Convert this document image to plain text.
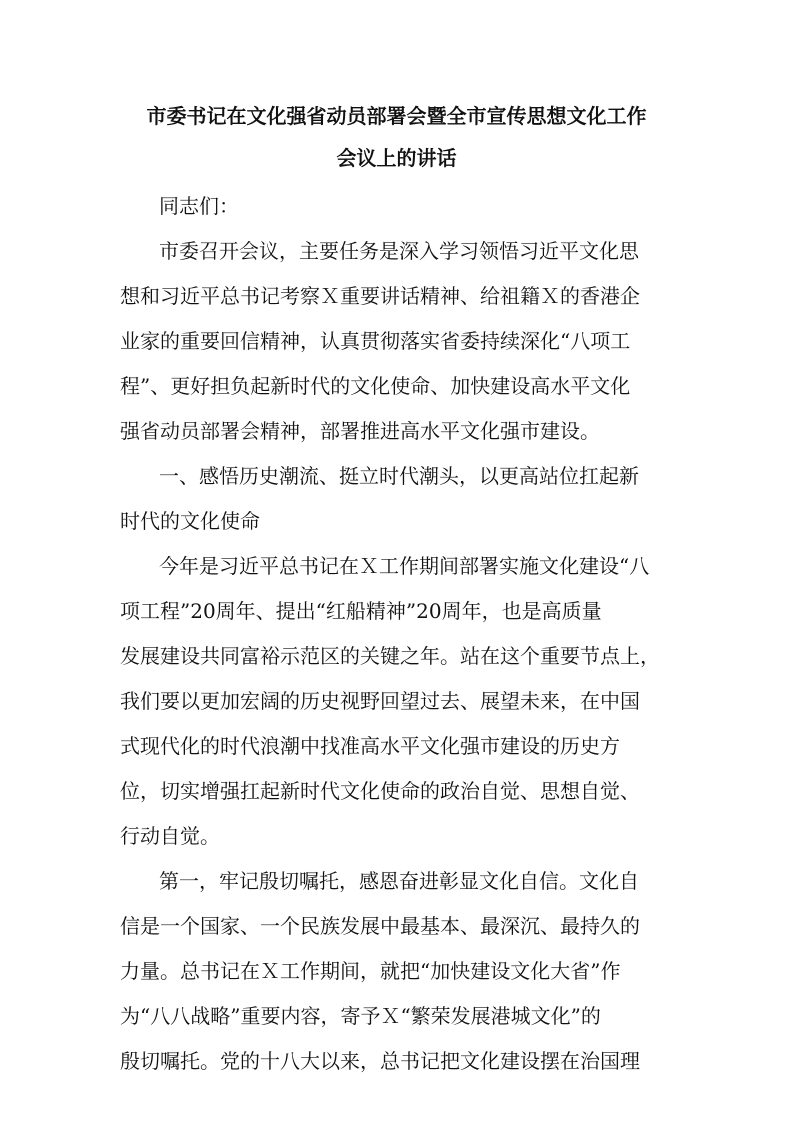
市委书记在文化强省动员部署会暨全市宣传思想文化工作
会议上的讲话
同志们：
市委召开会议，主要任务是深入学习领悟习近平文化思
想和习近平总书记考察Ｘ重要讲话精神、给祖籍Ｘ的香港企
业家的重要回信精神，认真贯彻落实省委持续深化“八项工
程”、更好担负起新时代的文化使命、加快建设高水平文化
强省动员部署会精神，部署推进高水平文化强市建设。
一、感悟历史潮流、挺立时代潮头，以更高站位扛起新
时代的文化使命
今年是习近平总书记在Ｘ工作期间部署实施文化建设“八
项工程”20周年、提出“红船精神”20周年，也是高质量
发展建设共同富裕示范区的关键之年。站在这个重要节点上，
我们要以更加宏阔的历史视野回望过去、展望未来，在中国
式现代化的时代浪潮中找准高水平文化强市建设的历史方
位，切实增强扛起新时代文化使命的政治自觉、思想自觉、
行动自觉。
第一，牢记殷切嘱托，感恩奋进彰显文化自信。文化自
信是一个国家、一个民族发展中最基本、最深沉、最持久的
力量。总书记在Ｘ工作期间，就把“加快建设文化大省”作
为“八八战略”重要内容，寄予Ｘ“繁荣发展港城文化”的
殷切嘱托。党的十八大以来，总书记把文化建设摆在治国理
